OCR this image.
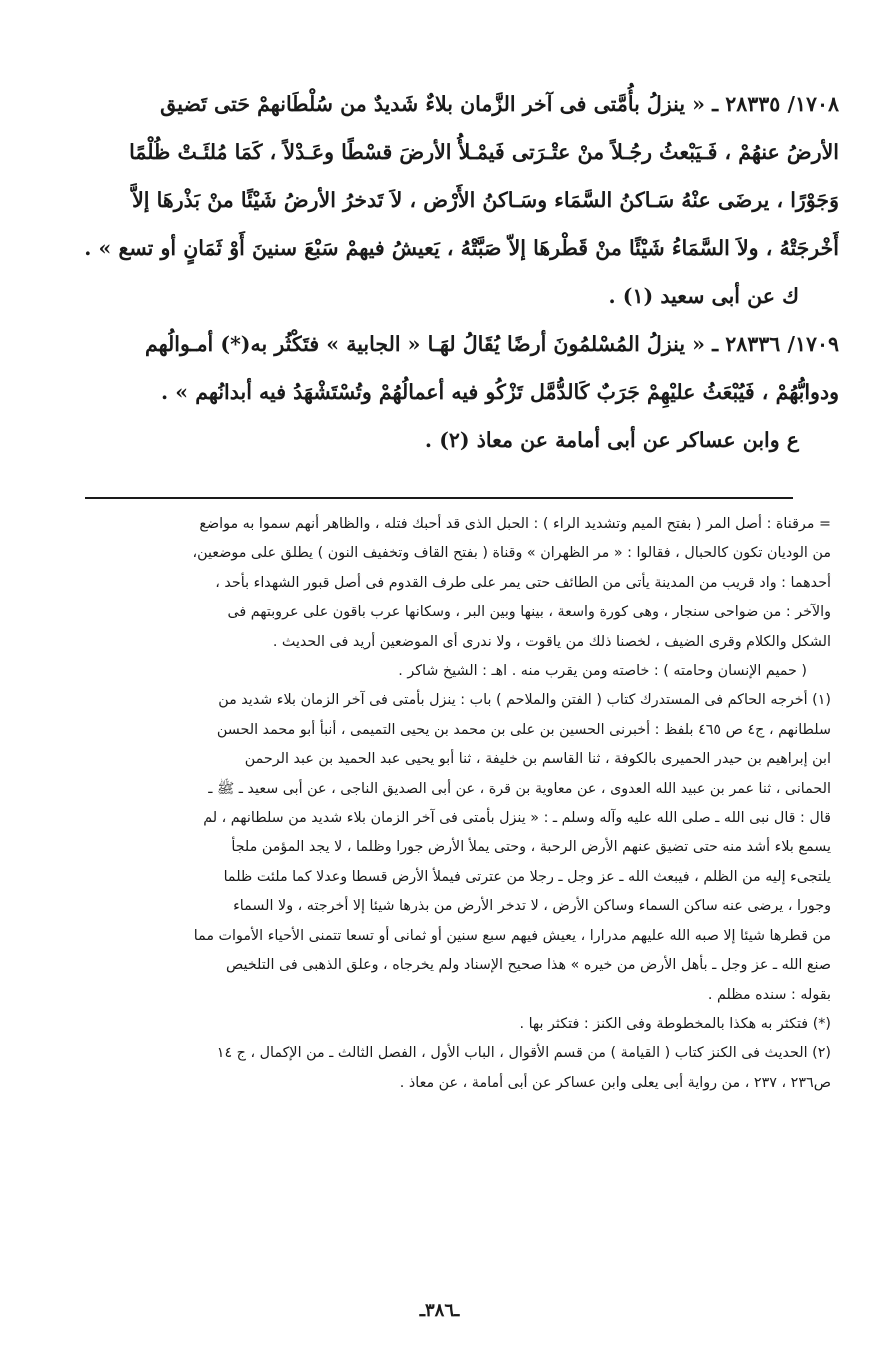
١٧٠٨/ ٢٨٣٣٥ ـ « ينزلُ بأُمَّتى فى آخر الزَّمان بلاءٌ شَديدٌ من سُلْطَانهمْ حَتى تَضيق
الأرضُ عنهُمْ ، فَـيَبْعثُ رجُـلاً منْ عتْـرَتى فَيمْـلأُ الأرضَ قسْطًا وعَـدْلاً ، كَمَا مُلئَـتْ ظُلْمًا
وَجَوْرًا ، يرضَى عنْهُ سَـاكنُ السَّمَاء وسَـاكنُ الأَرْض ، لاَ تَدخرُ الأرضُ شَيْئًا منْ بَذْرهَا إلاَّ
أَخْرجَتْهُ ، ولاَ السَّمَاءُ شَيْئًا منْ قَطْرهَا إلاّ صَبَّتْهُ ، يَعيشُ فيهمْ سَبْعَ سنينَ أَوْ ثَمَانٍ أو تسع » .

ك عن أبى سعيد (١) .

١٧٠٩/ ٢٨٣٣٦ ـ « ينزلُ المُسْلمُونَ أرضًا يُقَالُ لهَـا « الجابية » فتَكْثُر به(*) أمـوالُهم
ودوابُّهُمْ ، فَيُبْعَثُ عليْهِمْ جَرَبٌ كَالدُّمَّل تَزْكُو فيه أعمالُهُمْ وتُسْتَشْهَدُ فيه أبدانُهم » .

ع وابن عساكر عن أبى أمامة عن معاذ (٢) .

= مرقناة : أصل المر ( بفتح الميم وتشديد الراء ) : الحبل الذى قد أحبك فتله ، والظاهر أنهم سموا به مواضع
من الوديان تكون كالحبال ، فقالوا : « مر الظهران » وقناة ( بفتح القاف وتخفيف النون ) يطلق على موضعين،
أحدهما : واد قريب من المدينة يأتى من الطائف حتى يمر على طرف القدوم فى أصل قبور الشهداء بأحد ،
والآخر : من ضواحى سنجار ، وهى كورة واسعة ، بينها وبين البر ، وسكانها عرب باقون على عروبتهم فى
الشكل والكلام وقرى الضيف ، لخصنا ذلك من ياقوت ، ولا ندرى أى الموضعين أريد فى الحديث .
( حميم الإنسان وحامته ) : خاصته ومن يقرب منه . اهـ : الشيخ شاكر .

(١) أخرجه الحاكم فى المستدرك كتاب ( الفتن والملاحم ) باب : ينزل بأمتى فى آخر الزمان بلاء شديد من
سلطانهم ، ج٤ ص ٤٦٥ بلفظ : أخبرنى الحسين بن على بن محمد بن يحيى التميمى ، أنبأ أبو محمد الحسن
ابن إبراهيم بن حيدر الحميرى بالكوفة ، ثنا القاسم بن خليفة ، ثنا أبو يحيى عبد الحميد بن عبد الرحمن
الحمانى ، ثنا عمر بن عبيد الله العدوى ، عن معاوية بن قرة ، عن أبى الصديق الناجى ، عن أبى سعيد ـ ﷺ ـ
قال : قال نبى الله ـ صلى الله عليه وآله وسلم ـ : « ينزل بأمتى فى آخر الزمان بلاء شديد من سلطانهم ، لم
يسمع بلاء أشد منه حتى تضيق عنهم الأرض الرحبة ، وحتى يملأ الأرض جورا وظلما ، لا يجد المؤمن ملجأ
يلتجىء إليه من الظلم ، فيبعث الله ـ عز وجل ـ رجلا من عترتى فيملأ الأرض قسطا وعدلا كما ملئت ظلما
وجورا ، يرضى عنه ساكن السماء وساكن الأرض ، لا تدخر الأرض من بذرها شيئا إلا أخرجته ، ولا السماء
من قطرها شيئا إلا صبه الله عليهم مدرارا ، يعيش فيهم سبع سنين أو ثمانى أو تسعا تتمنى الأحياء الأموات مما
صنع الله ـ عز وجل ـ بأهل الأرض من خيره » هذا صحيح الإسناد ولم يخرجاه ، وعلق الذهبى فى التلخيص
بقوله : سنده مظلم .

(*) فتكثر به هكذا بالمخطوطة وفى الكنز : فتكثر بها .

(٢) الحديث فى الكنز كتاب ( القيامة ) من قسم الأقوال ، الباب الأول ، الفصل الثالث ـ من الإكمال ، ج ١٤
ص٢٣٦ ، ٢٣٧ ، من رواية أبى يعلى وابن عساكر عن أبى أمامة ، عن معاذ .

ـ٣٨٦ـ
